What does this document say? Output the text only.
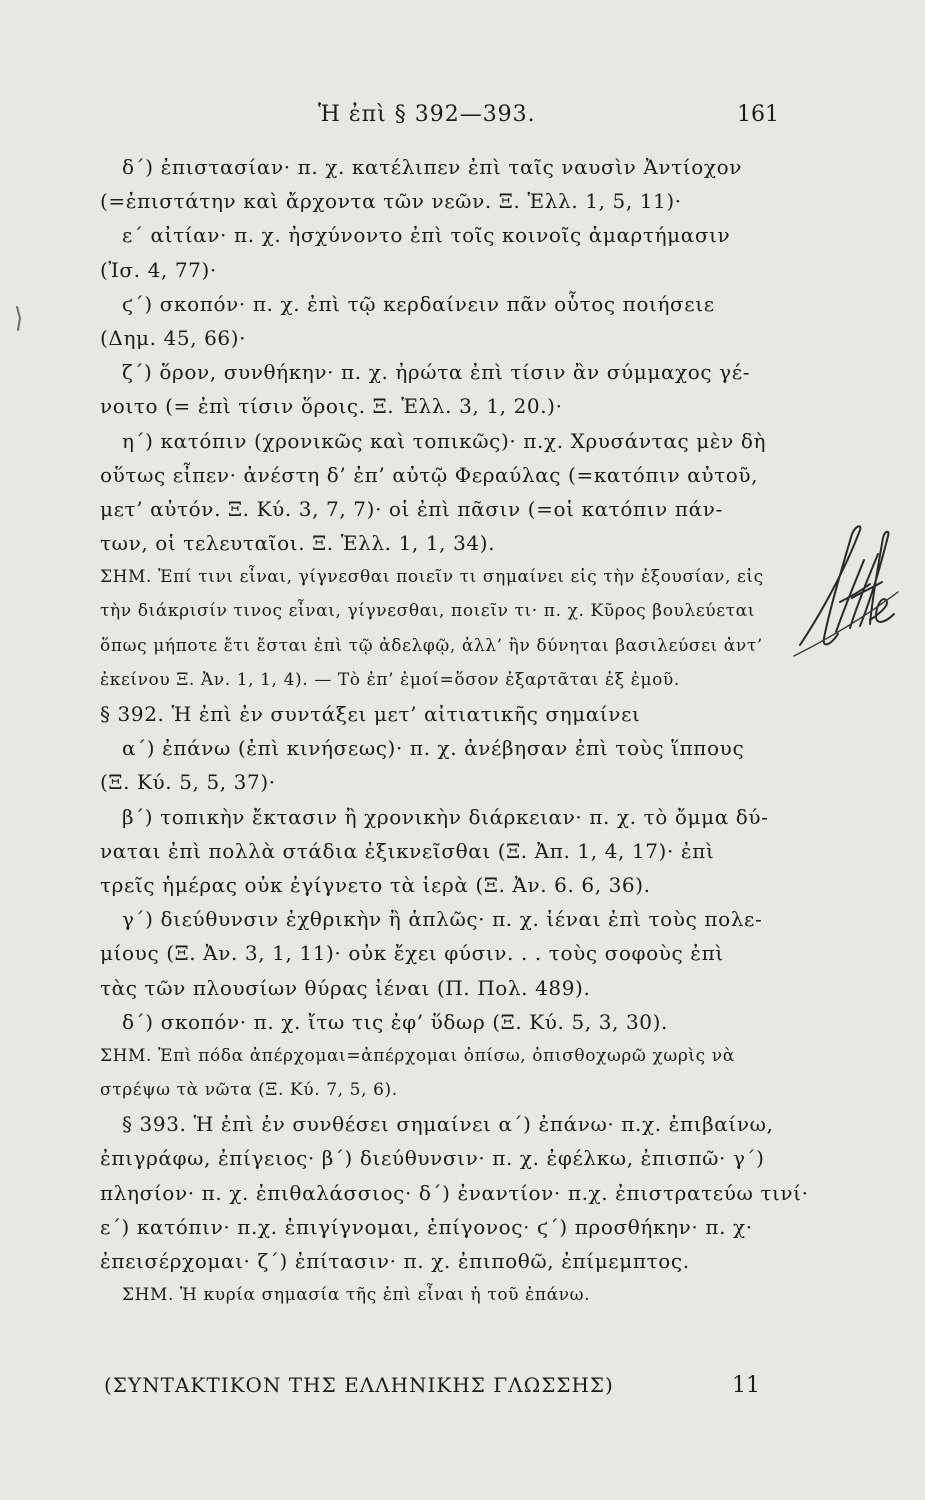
Ἡ ἐπὶ § 392—393.	161
δ΄) ἐπιστασίαν· π. χ. κατέλιπεν ἐπὶ ταῖς ναυσὶν Ἀντίοχον
(=ἐπιστάτην καὶ ἄρχοντα τῶν νεῶν. Ξ. Ἑλλ. 1, 5, 11)·
ε΄ αἰτίαν· π. χ. ἠσχύνοντο ἐπὶ τοῖς κοινοῖς ἁμαρτήμασιν
(Ἰσ. 4, 77)·
ϛ΄) σκοπόν· π. χ. ἐπὶ τῷ κερδαίνειν πᾶν οὗτος ποιήσειε
(Δημ. 45, 66)·
ζ΄) ὅρον, συνθήκην· π. χ. ἠρώτα ἐπὶ τίσιν ἂν σύμμαχος γέ-
νοιτο (= ἐπὶ τίσιν ὅροις. Ξ. Ἑλλ. 3, 1, 20.)·
η΄) κατόπιν (χρονικῶς καὶ τοπικῶς)· π.χ. Χρυσάντας μὲν δὴ
οὕτως εἶπεν· ἀνέστη δ’ ἐπ’ αὐτῷ Φεραύλας (=κατόπιν αὐτοῦ,
μετ’ αὐτόν. Ξ. Κύ. 3, 7, 7)· οἱ ἐπὶ πᾶσιν (=οἱ κατόπιν πάν-
των, οἱ τελευταῖοι. Ξ. Ἑλλ. 1, 1, 34).
ΣΗΜ. Ἐπί τινι εἶναι, γίγνεσθαι ποιεῖν τι σημαίνει εἰς τὴν ἐξουσίαν, εἰς
τὴν διάκρισίν τινος εἶναι, γίγνεσθαι, ποιεῖν τι· π. χ. Κῦρος βουλεύεται
ὅπως μήποτε ἔτι ἔσται ἐπὶ τῷ ἀδελφῷ, ἀλλ’ ἢν δύνηται βασιλεύσει ἀντ’
ἐκείνου Ξ. Ἀν. 1, 1, 4). — Τὸ ἐπ’ ἐμοί=ὅσον ἐξαρτᾶται ἐξ ἐμοῦ.
§ 392. Ἡ ἐπὶ ἐν συντάξει μετ’ αἰτιατικῆς σημαίνει
α΄) ἐπάνω (ἐπὶ κινήσεως)· π. χ. ἀνέβησαν ἐπὶ τοὺς ἵππους
(Ξ. Κύ. 5, 5, 37)·
β΄) τοπικὴν ἔκτασιν ἢ χρονικὴν διάρκειαν· π. χ. τὸ ὄμμα δύ-
ναται ἐπὶ πολλὰ στάδια ἐξικνεῖσθαι (Ξ. Ἀπ. 1, 4, 17)· ἐπὶ
τρεῖς ἡμέρας οὐκ ἐγίγνετο τὰ ἱερὰ (Ξ. Ἀν. 6. 6, 36).
γ΄) διεύθυνσιν ἐχθρικὴν ἢ ἁπλῶς· π. χ. ἰέναι ἐπὶ τοὺς πολε-
μίους (Ξ. Ἀν. 3, 1, 11)· οὐκ ἔχει φύσιν. . . τοὺς σοφοὺς ἐπὶ
τὰς τῶν πλουσίων θύρας ἰέναι (Π. Πολ. 489).
δ΄) σκοπόν· π. χ. ἴτω τις ἐφ’ ὕδωρ (Ξ. Κύ. 5, 3, 30).
ΣΗΜ. Ἐπὶ πόδα ἀπέρχομαι=ἀπέρχομαι ὀπίσω, ὀπισθοχωρῶ χωρὶς νὰ
στρέψω τὰ νῶτα (Ξ. Κύ. 7, 5, 6).
§ 393. Ἡ ἐπὶ ἐν συνθέσει σημαίνει α΄) ἐπάνω· π.χ. ἐπιβαίνω,
ἐπιγράφω, ἐπίγειος· β΄) διεύθυνσιν· π. χ. ἐφέλκω, ἐπισπῶ· γ΄)
πλησίον· π. χ. ἐπιθαλάσσιος· δ΄) ἐναντίον· π.χ. ἐπιστρατεύω τινί·
ε΄) κατόπιν· π.χ. ἐπιγίγνομαι, ἐπίγονος· ϛ΄) προσθήκην· π. χ·
ἐπεισέρχομαι· ζ΄) ἐπίτασιν· π. χ. ἐπιποθῶ, ἐπίμεμπτος.
ΣΗΜ. Ἡ κυρία σημασία τῆς ἐπὶ εἶναι ἡ τοῦ ἐπάνω.
(ΣΥΝΤΑΚΤΙΚΟΝ ΤΗΣ ΕΛΛΗΝΙΚΗΣ ΓΛΩΣΣΗΣ)	11
